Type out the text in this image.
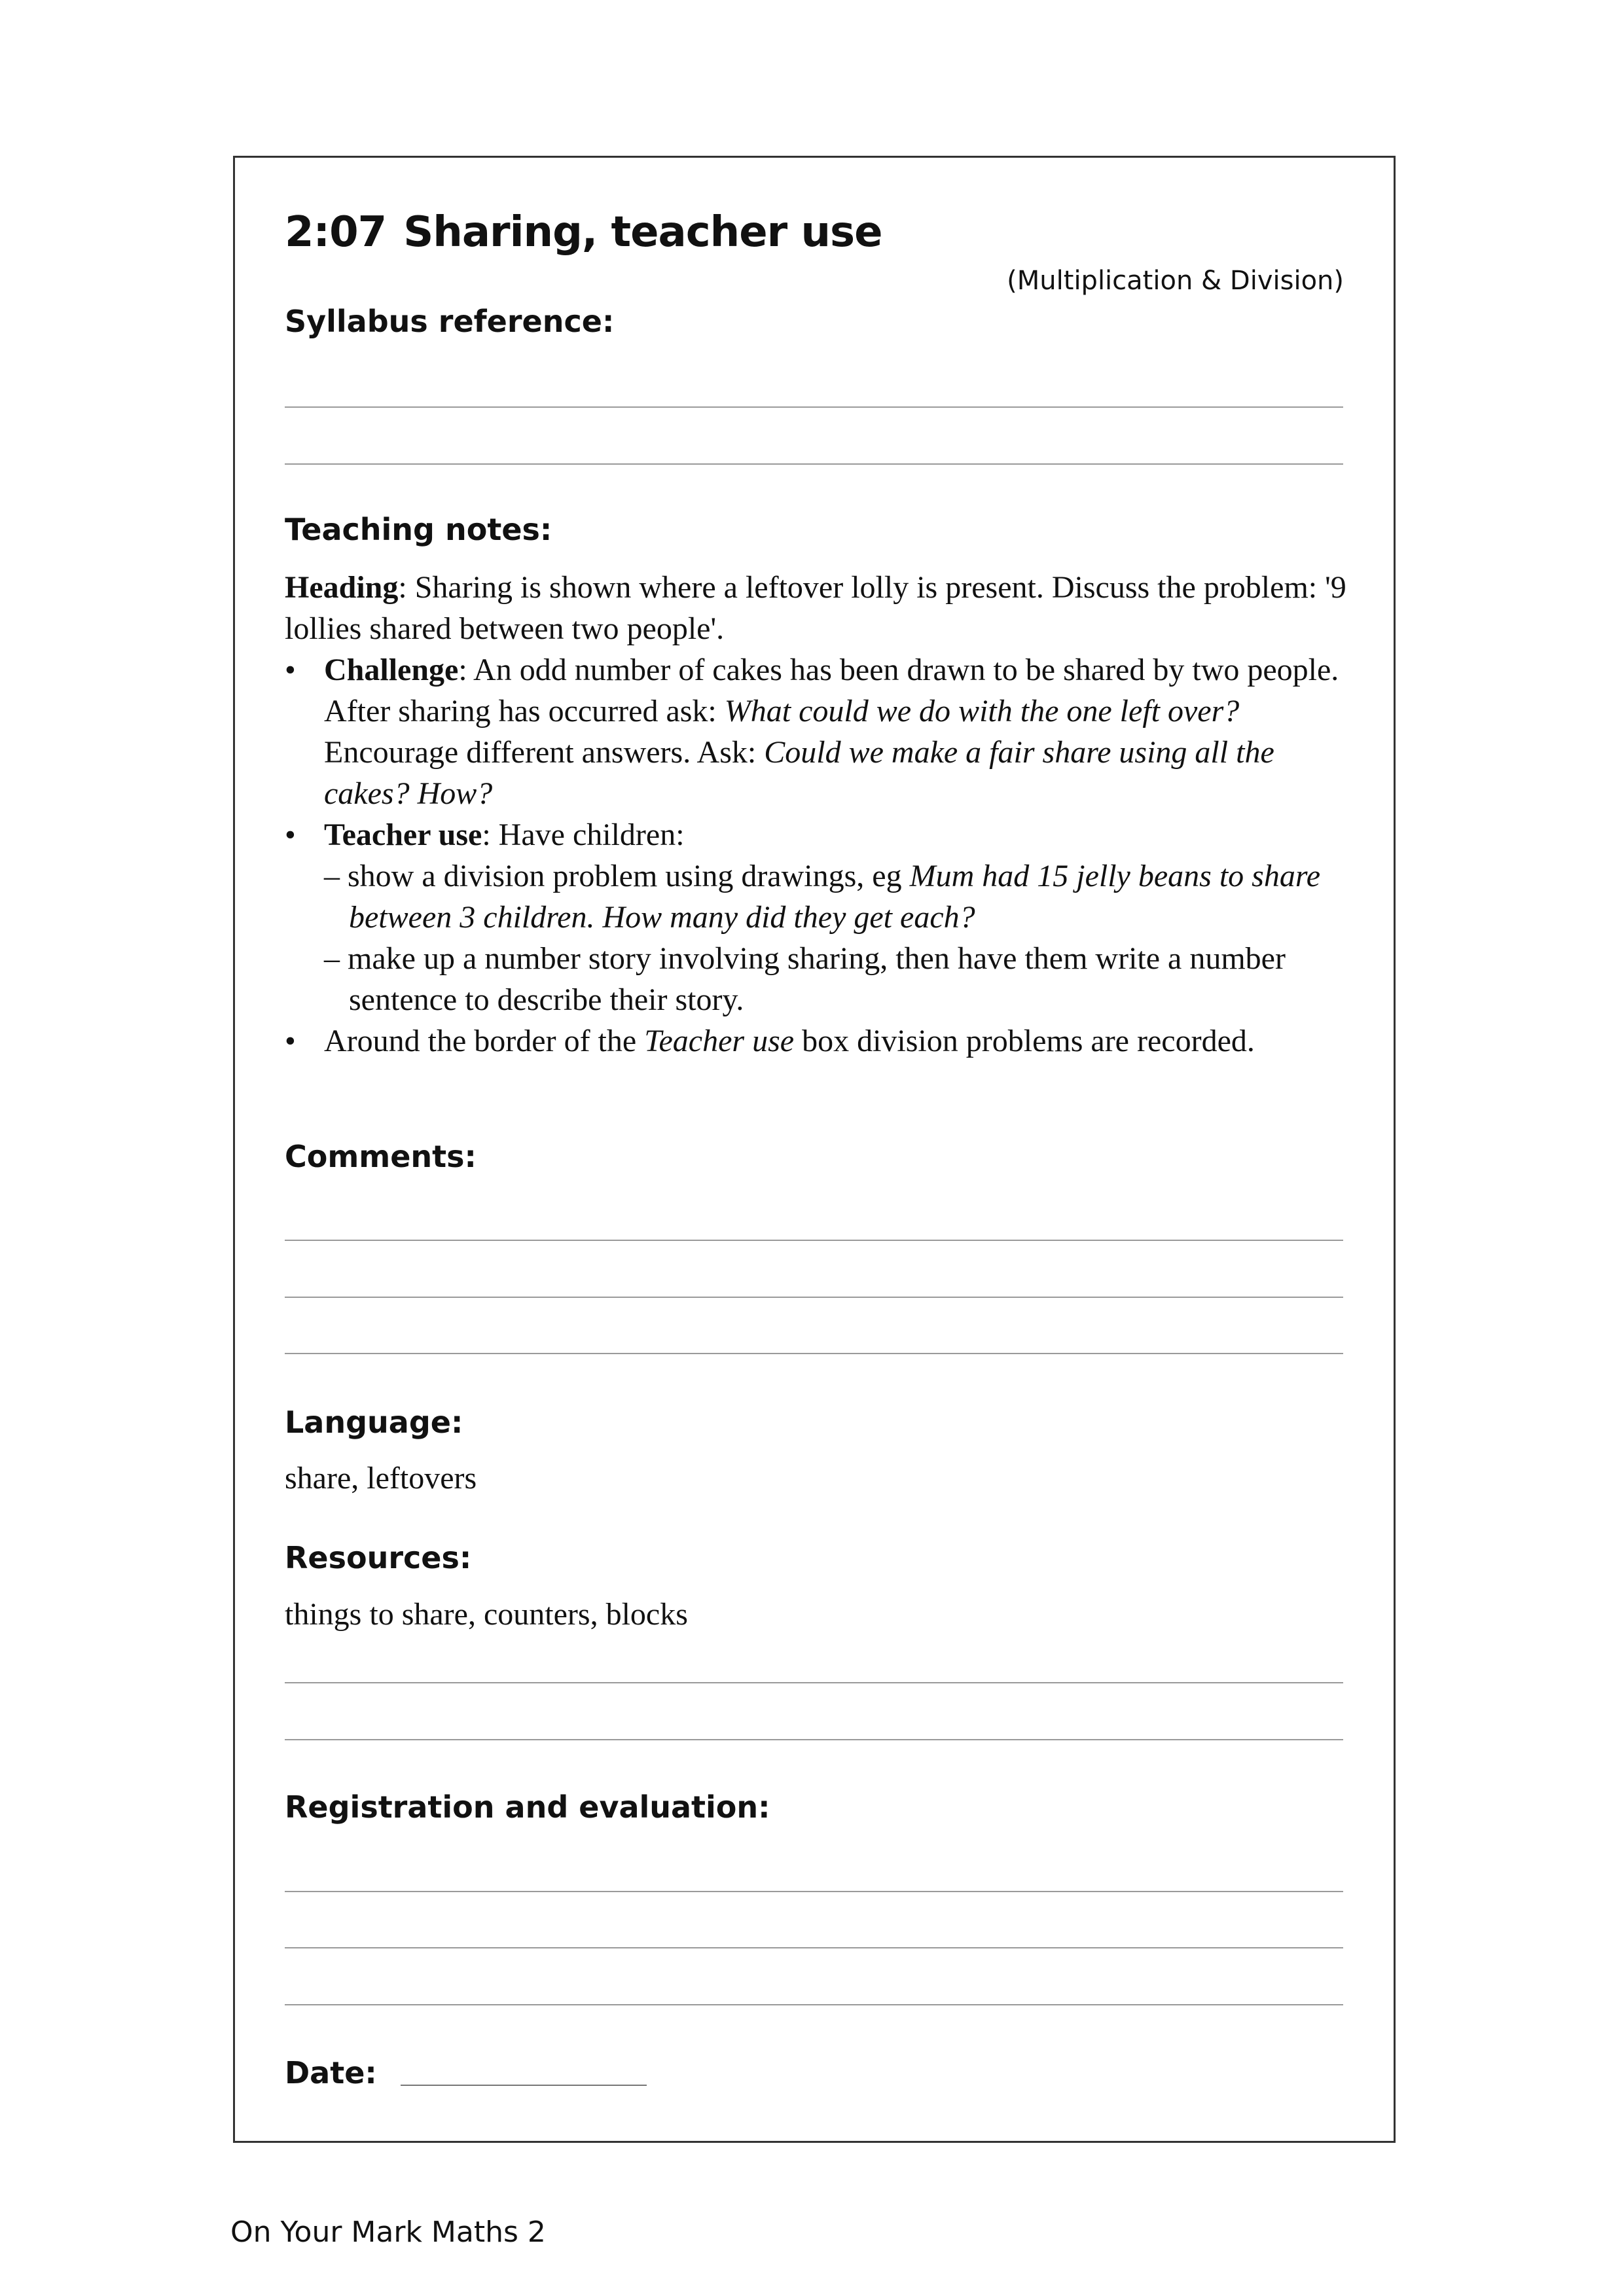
2:07 Sharing, teacher use
(Multiplication & Division)
Syllabus reference:
Teaching notes:

Heading: Sharing is shown where a leftover lolly is present. Discuss the problem: '9 lollies shared between two people'.

• Challenge: An odd number of cakes has been drawn to be shared by two people. After sharing has occurred ask: What could we do with the one left over? Encourage different answers. Ask: Could we make a fair share using all the cakes? How?
• Teacher use: Have children:
– show a division problem using drawings, eg Mum had 15 jelly beans to share between 3 children. How many did they get each?
– make up a number story involving sharing, then have them write a number sentence to describe their story.
• Around the border of the Teacher use box division problems are recorded.
Comments:
Language:
share, leftovers
Resources:
things to share, counters, blocks
Registration and evaluation:
Date:
On Your Mark Maths 2
